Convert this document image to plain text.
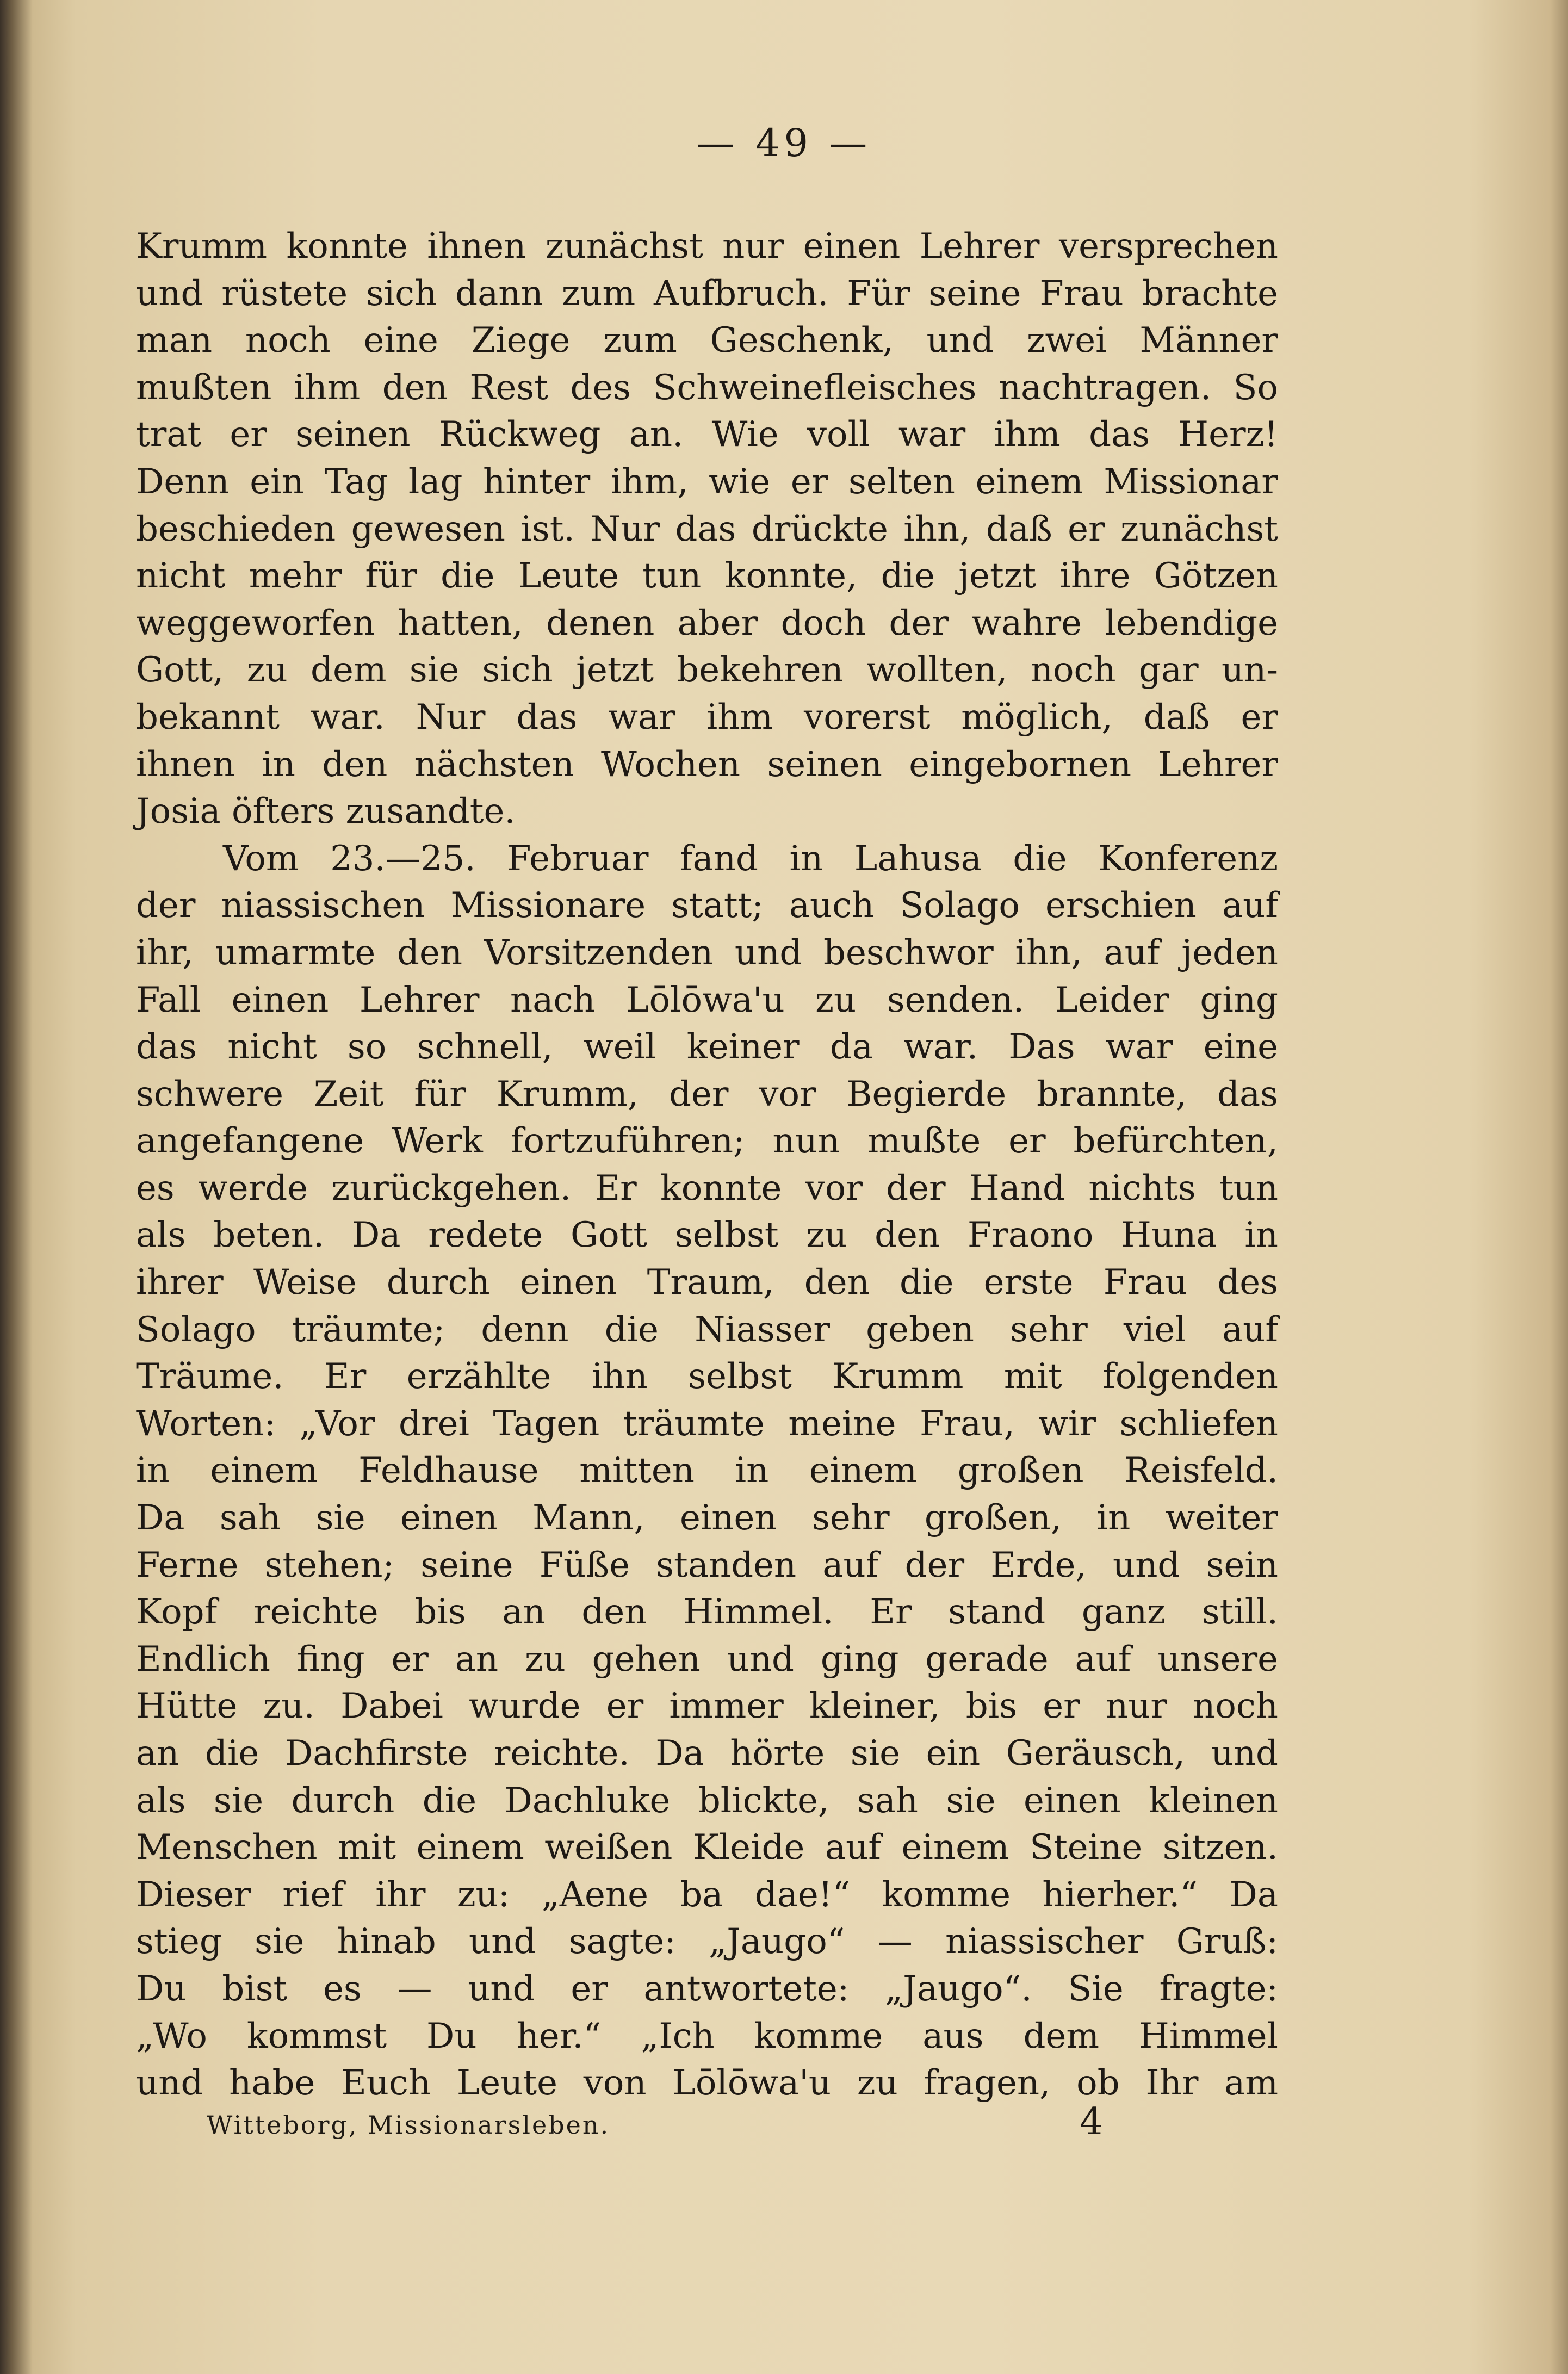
— 49 —
Krumm konnte ihnen zunächst nur einen Lehrer versprechen
und rüstete sich dann zum Aufbruch. Für seine Frau brachte
man noch eine Ziege zum Geschenk, und zwei Männer
mußten ihm den Rest des Schweinefleisches nachtragen. So
trat er seinen Rückweg an. Wie voll war ihm das Herz!
Denn ein Tag lag hinter ihm, wie er selten einem Missionar
beschieden gewesen ist. Nur das drückte ihn, daß er zunächst
nicht mehr für die Leute tun konnte, die jetzt ihre Götzen
weggeworfen hatten, denen aber doch der wahre lebendige
Gott, zu dem sie sich jetzt bekehren wollten, noch gar un-
bekannt war. Nur das war ihm vorerst möglich, daß er
ihnen in den nächsten Wochen seinen eingebornen Lehrer
Josia öfters zusandte.
Vom 23.—25. Februar fand in Lahusa die Konferenz
der niassischen Missionare statt; auch Solago erschien auf
ihr, umarmte den Vorsitzenden und beschwor ihn, auf jeden
Fall einen Lehrer nach Lōlōwa'u zu senden. Leider ging
das nicht so schnell, weil keiner da war. Das war eine
schwere Zeit für Krumm, der vor Begierde brannte, das
angefangene Werk fortzuführen; nun mußte er befürchten,
es werde zurückgehen. Er konnte vor der Hand nichts tun
als beten. Da redete Gott selbst zu den Fraono Huna in
ihrer Weise durch einen Traum, den die erste Frau des
Solago träumte; denn die Niasser geben sehr viel auf
Träume. Er erzählte ihn selbst Krumm mit folgenden
Worten: „Vor drei Tagen träumte meine Frau, wir schliefen
in einem Feldhause mitten in einem großen Reisfeld.
Da sah sie einen Mann, einen sehr großen, in weiter
Ferne stehen; seine Füße standen auf der Erde, und sein
Kopf reichte bis an den Himmel. Er stand ganz still.
Endlich fing er an zu gehen und ging gerade auf unsere
Hütte zu. Dabei wurde er immer kleiner, bis er nur noch
an die Dachfirste reichte. Da hörte sie ein Geräusch, und
als sie durch die Dachluke blickte, sah sie einen kleinen
Menschen mit einem weißen Kleide auf einem Steine sitzen.
Dieser rief ihr zu: „Aene ba dae!“ komme hierher.“ Da
stieg sie hinab und sagte: „Jaugo“ — niassischer Gruß:
Du bist es — und er antwortete: „Jaugo“. Sie fragte:
„Wo kommst Du her.“ „Ich komme aus dem Himmel
und habe Euch Leute von Lōlōwa'u zu fragen, ob Ihr am
Witteborg, Missionarsleben.	4
